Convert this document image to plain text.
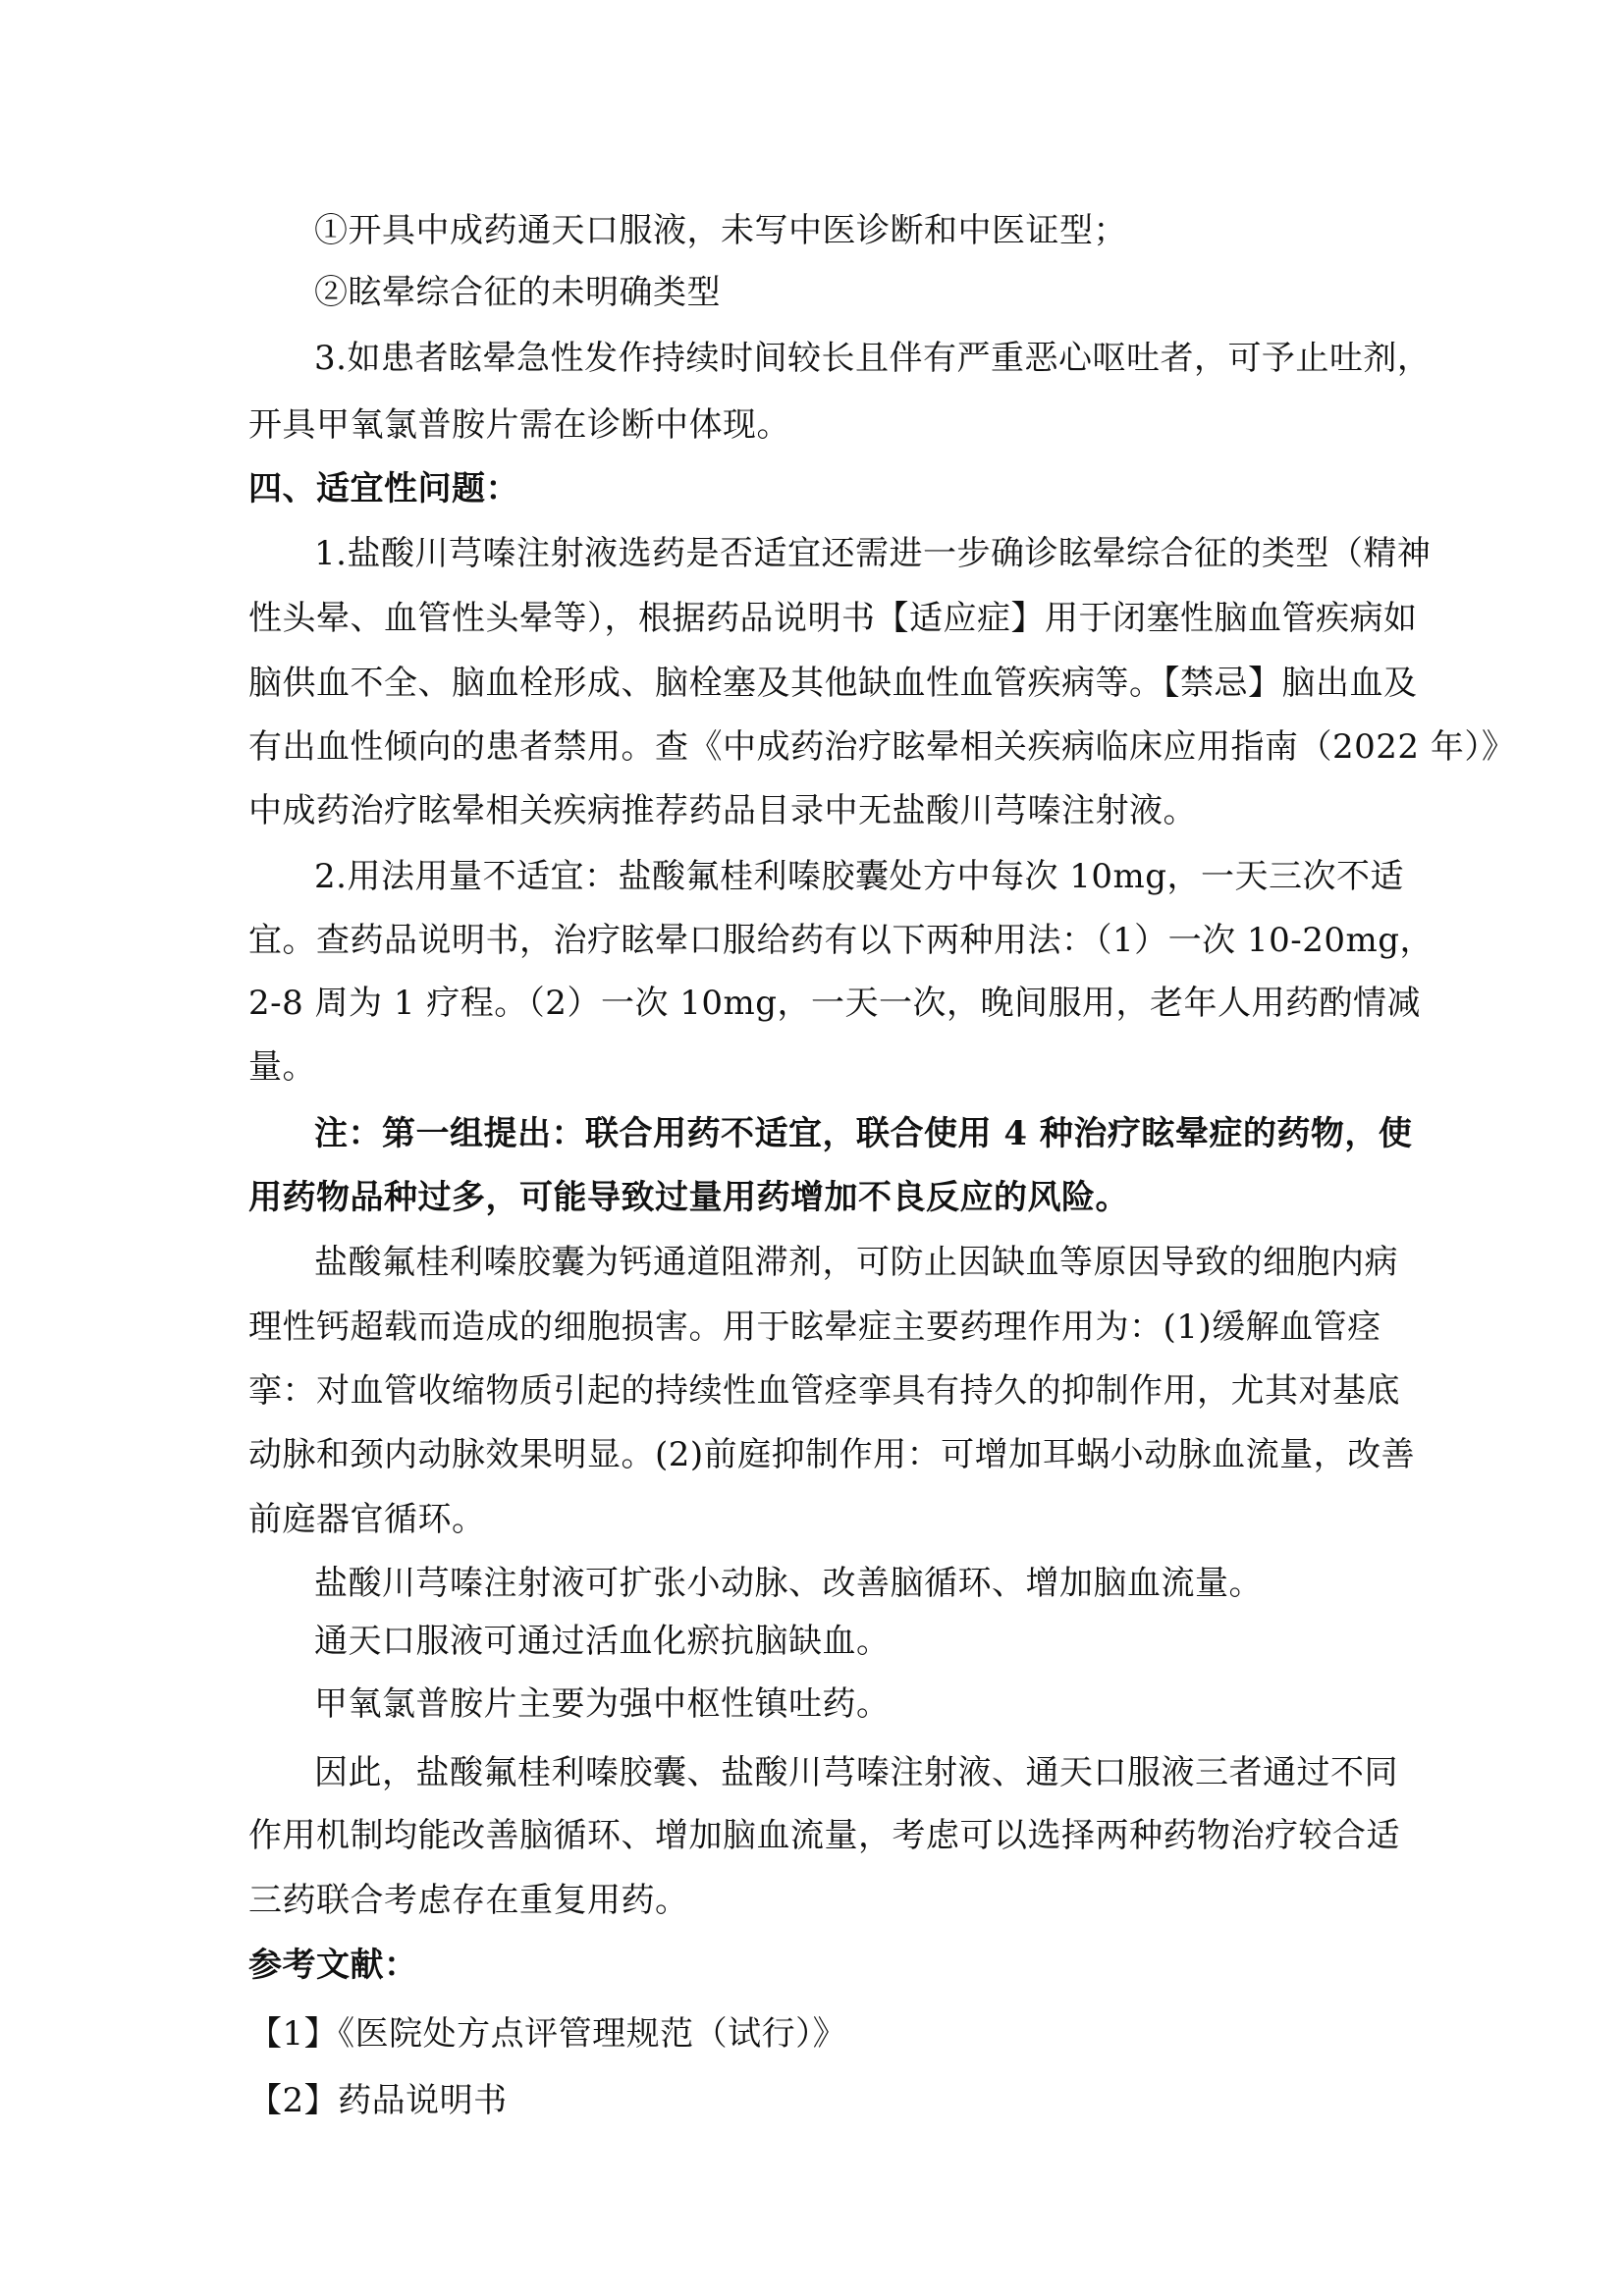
①开具中成药通天口服液，未写中医诊断和中医证型；
②眩晕综合征的未明确类型
3.如患者眩晕急性发作持续时间较长且伴有严重恶心呕吐者，可予止吐剂，
开具甲氧氯普胺片需在诊断中体现。
四、适宜性问题：
1.盐酸川芎嗪注射液选药是否适宜还需进一步确诊眩晕综合征的类型（精神
性头晕、血管性头晕等），根据药品说明书【适应症】用于闭塞性脑血管疾病如
脑供血不全、脑血栓形成、脑栓塞及其他缺血性血管疾病等。【禁忌】脑出血及
有出血性倾向的患者禁用。查《中成药治疗眩晕相关疾病临床应用指南（2022 年）》
中成药治疗眩晕相关疾病推荐药品目录中无盐酸川芎嗪注射液。
2.用法用量不适宜：盐酸氟桂利嗪胶囊处方中每次 10mg，一天三次不适
宜。查药品说明书，治疗眩晕口服给药有以下两种用法：（1）一次 10-20mg，
2-8 周为 1 疗程。（2）一次 10mg，一天一次，晚间服用，老年人用药酌情减
量。
注：第一组提出：联合用药不适宜，联合使用 4 种治疗眩晕症的药物，使
用药物品种过多，可能导致过量用药增加不良反应的风险。
盐酸氟桂利嗪胶囊为钙通道阻滞剂，可防止因缺血等原因导致的细胞内病
理性钙超载而造成的细胞损害。用于眩晕症主要药理作用为：(1)缓解血管痉
挛：对血管收缩物质引起的持续性血管痉挛具有持久的抑制作用，尤其对基底
动脉和颈内动脉效果明显。(2)前庭抑制作用：可增加耳蜗小动脉血流量，改善
前庭器官循环。
盐酸川芎嗪注射液可扩张小动脉、改善脑循环、增加脑血流量。
通天口服液可通过活血化瘀抗脑缺血。
甲氧氯普胺片主要为强中枢性镇吐药。
因此，盐酸氟桂利嗪胶囊、盐酸川芎嗪注射液、通天口服液三者通过不同
作用机制均能改善脑循环、增加脑血流量，考虑可以选择两种药物治疗较合适
三药联合考虑存在重复用药。
参考文献：
【1】《医院处方点评管理规范（试行）》
【2】药品说明书
